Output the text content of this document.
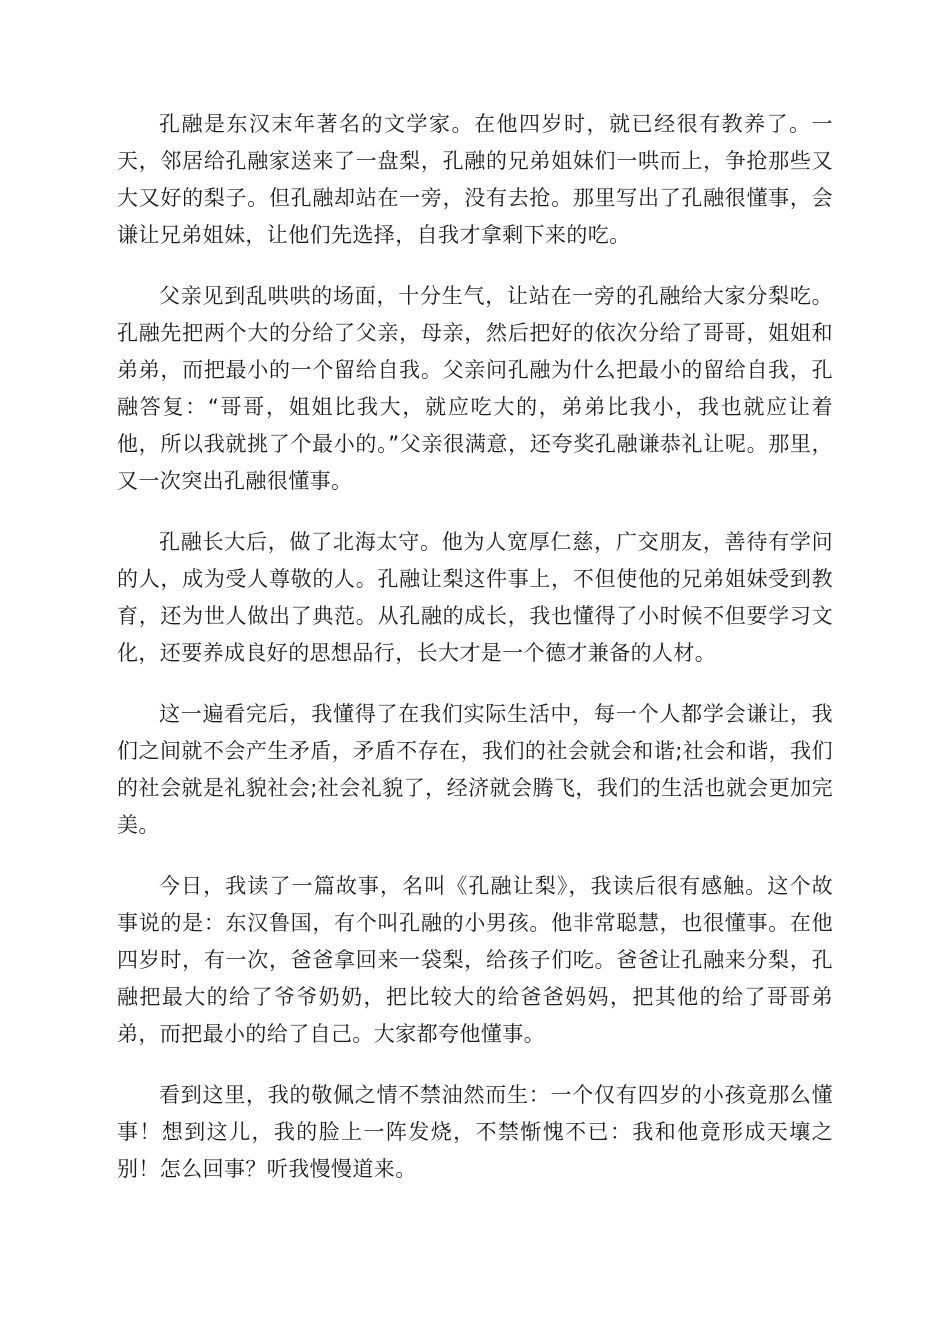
孔融是东汉末年著名的文学家。在他四岁时，就已经很有教养了。一天，邻居给孔融家送来了一盘梨，孔融的兄弟姐妹们一哄而上，争抢那些又大又好的梨子。但孔融却站在一旁，没有去抢。那里写出了孔融很懂事，会谦让兄弟姐妹，让他们先选择，自我才拿剩下来的吃。

父亲见到乱哄哄的场面，十分生气，让站在一旁的孔融给大家分梨吃。孔融先把两个大的分给了父亲，母亲，然后把好的依次分给了哥哥，姐姐和弟弟，而把最小的一个留给自我。父亲问孔融为什么把最小的留给自我，孔融答复：“哥哥，姐姐比我大，就应吃大的，弟弟比我小，我也就应让着他，所以我就挑了个最小的。”父亲很满意，还夸奖孔融谦恭礼让呢。那里，又一次突出孔融很懂事。

孔融长大后，做了北海太守。他为人宽厚仁慈，广交朋友，善待有学问的人，成为受人尊敬的人。孔融让梨这件事上，不但使他的兄弟姐妹受到教育，还为世人做出了典范。从孔融的成长，我也懂得了小时候不但要学习文化，还要养成良好的思想品行，长大才是一个德才兼备的人材。

这一遍看完后，我懂得了在我们实际生活中，每一个人都学会谦让，我们之间就不会产生矛盾，矛盾不存在，我们的社会就会和谐;社会和谐，我们的社会就是礼貌社会;社会礼貌了，经济就会腾飞，我们的生活也就会更加完美。

今日，我读了一篇故事，名叫《孔融让梨》，我读后很有感触。这个故事说的是：东汉鲁国，有个叫孔融的小男孩。他非常聪慧，也很懂事。在他四岁时，有一次，爸爸拿回来一袋梨，给孩子们吃。爸爸让孔融来分梨，孔融把最大的给了爷爷奶奶，把比较大的给爸爸妈妈，把其他的给了哥哥弟弟，而把最小的给了自己。大家都夸他懂事。

看到这里，我的敬佩之情不禁油然而生：一个仅有四岁的小孩竟那么懂事！想到这儿，我的脸上一阵发烧，不禁惭愧不已：我和他竟形成天壤之别！怎么回事？听我慢慢道来。
